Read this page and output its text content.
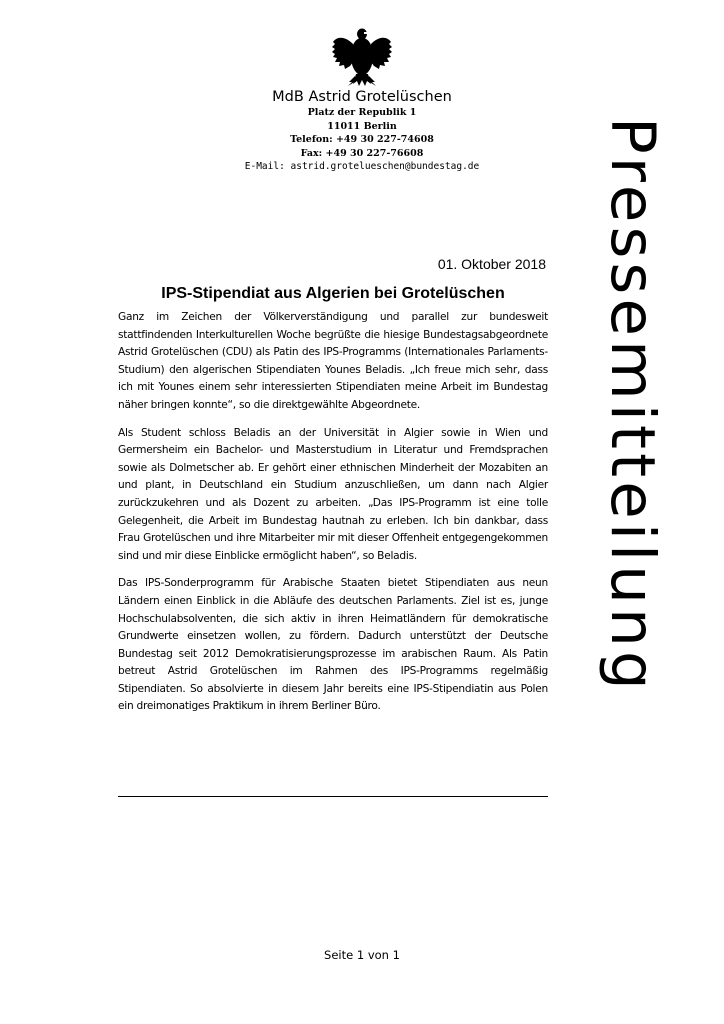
MdB Astrid Grotelüschen
Platz der Republik 1
11011 Berlin
Telefon: +49 30 227-74608
Fax: +49 30 227-76608
E-Mail: astrid.grotelueschen@bundestag.de	Pressemitteilung
01. Oktober 2018
IPS-Stipendiat aus Algerien bei Grotelüschen

Ganz im Zeichen der Völkerverständigung und parallel zur bundesweit stattfindenden Interkulturellen Woche begrüßte die hiesige Bundestagsabgeordnete Astrid Grotelüschen (CDU) als Patin des IPS-Programms (Internationales Parlaments-Studium) den algerischen Stipendiaten Younes Beladis. „Ich freue mich sehr, dass ich mit Younes einem sehr interessierten Stipendiaten meine Arbeit im Bundestag näher bringen konnte“, so die direktgewählte Abgeordnete.

Als Student schloss Beladis an der Universität in Algier sowie in Wien und Germersheim ein Bachelor- und Masterstudium in Literatur und Fremdsprachen sowie als Dolmetscher ab. Er gehört einer ethnischen Minderheit der Mozabiten an und plant, in Deutschland ein Studium anzuschließen, um dann nach Algier zurückzukehren und als Dozent zu arbeiten. „Das IPS-Programm ist eine tolle Gelegenheit, die Arbeit im Bundestag hautnah zu erleben. Ich bin dankbar, dass Frau Grotelüschen und ihre Mitarbeiter mir mit dieser Offenheit entgegengekommen sind und mir diese Einblicke ermöglicht haben“, so Beladis.

Das IPS-Sonderprogramm für Arabische Staaten bietet Stipendiaten aus neun Ländern einen Einblick in die Abläufe des deutschen Parlaments. Ziel ist es, junge Hochschulabsolventen, die sich aktiv in ihren Heimatländern für demokratische Grundwerte einsetzen wollen, zu fördern. Dadurch unterstützt der Deutsche Bundestag seit 2012 Demokratisierungsprozesse im arabischen Raum. Als Patin betreut Astrid Grotelüschen im Rahmen des IPS-Programms regelmäßig Stipendiaten. So absolvierte in diesem Jahr bereits eine IPS-Stipendiatin aus Polen ein dreimonatiges Praktikum in ihrem Berliner Büro.

Seite 1 von 1
